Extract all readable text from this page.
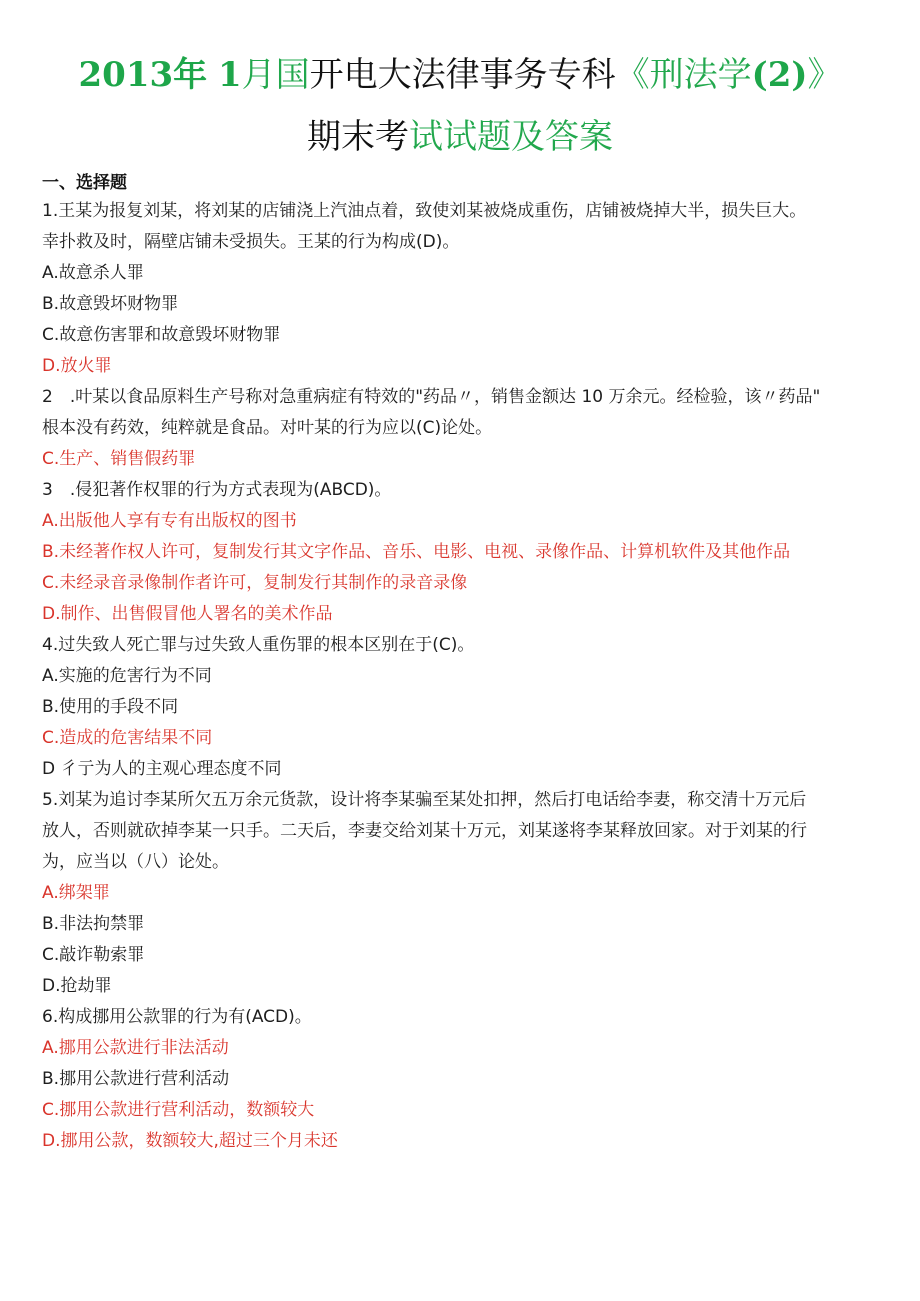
2013年 1月国开电大法律事务专科《刑法学(2)》
期末考试试题及答案
一、选择题
1.王某为报复刘某，将刘某的店铺浇上汽油点着，致使刘某被烧成重伤，店铺被烧掉大半，损失巨大。
幸扑救及时，隔壁店铺未受损失。王某的行为构成(D)。
A.故意杀人罪
B.故意毁坏财物罪
C.故意伤害罪和故意毁坏财物罪
D.放火罪
2　.叶某以食品原料生产号称对急重病症有特效的"药品〃，销售金额达 10 万余元。经检验，该〃药品"
根本没有药效，纯粹就是食品。对叶某的行为应以(C)论处。
C.生产、销售假药罪
3　.侵犯著作权罪的行为方式表现为(ABCD)。
A.出版他人享有专有出版权的图书
B.未经著作权人许可，复制发行其文字作品、音乐、电影、电视、录像作品、计算机软件及其他作品
C.未经录音录像制作者许可，复制发行其制作的录音录像
D.制作、出售假冒他人署名的美术作品
4.过失致人死亡罪与过失致人重伤罪的根本区别在于(C)。
A.实施的危害行为不同
B.使用的手段不同
C.造成的危害结果不同
D 彳亍为人的主观心理态度不同
5.刘某为追讨李某所欠五万余元货款，设计将李某骗至某处扣押，然后打电话给李妻，称交清十万元后
放人，否则就砍掉李某一只手。二天后，李妻交给刘某十万元，刘某遂将李某释放回家。对于刘某的行
为，应当以（八）论处。
A.绑架罪
B.非法拘禁罪
C.敲诈勒索罪
D.抢劫罪
6.构成挪用公款罪的行为有(ACD)。
A.挪用公款进行非法活动
B.挪用公款进行营利活动
C.挪用公款进行营利活动，数额较大
D.挪用公款，数额较大,超过三个月未还
